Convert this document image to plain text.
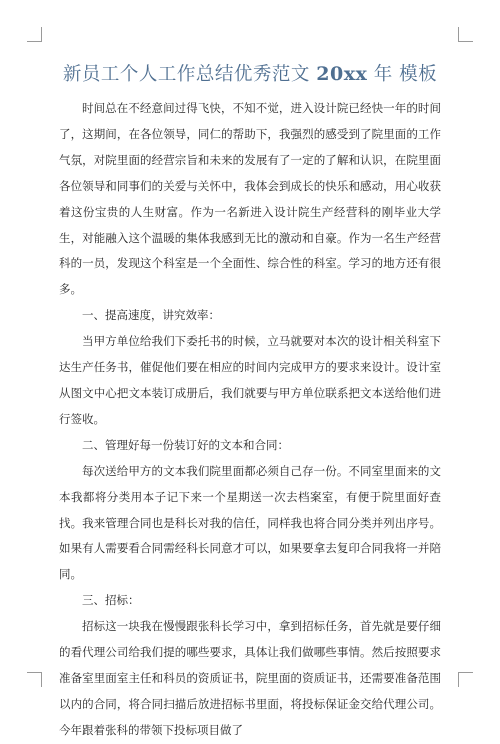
新员工个人工作总结优秀范文 20xx 年 模板

时间总在不经意间过得飞快，不知不觉，进入设计院已经快一年的时间了，这期间，在各位领导，同仁的帮助下，我强烈的感受到了院里面的工作气氛，对院里面的经营宗旨和未来的发展有了一定的了解和认识，在院里面各位领导和同事们的关爱与关怀中，我体会到成长的快乐和感动，用心收获着这份宝贵的人生财富。作为一名新进入设计院生产经营科的刚毕业大学生，对能融入这个温暖的集体我感到无比的激动和自豪。作为一名生产经营科的一员，发现这个科室是一个全面性、综合性的科室。学习的地方还有很多。

一、提高速度，讲究效率：

当甲方单位给我们下委托书的时候，立马就要对本次的设计相关科室下达生产任务书，催促他们要在相应的时间内完成甲方的要求来设计。设计室从图文中心把文本装订成册后，我们就要与甲方单位联系把文本送给他们进行签收。

二、管理好每一份装订好的文本和合同：

每次送给甲方的文本我们院里面都必须自己存一份。不同室里面来的文本我都将分类用本子记下来一个星期送一次去档案室，有便于院里面好查找。我来管理合同也是科长对我的信任，同样我也将合同分类并列出序号。如果有人需要看合同需经科长同意才可以，如果要拿去复印合同我将一并陪同。

三、招标：

招标这一块我在慢慢跟张科长学习中，拿到招标任务，首先就是要仔细的看代理公司给我们提的哪些要求，具体让我们做哪些事情。然后按照要求准备室里面室主任和科员的资质证书，院里面的资质证书，还需要准备范围以内的合同，将合同扫描后放进招标书里面，将投标保证金交给代理公司。今年跟着张科的带领下投标项目做了
